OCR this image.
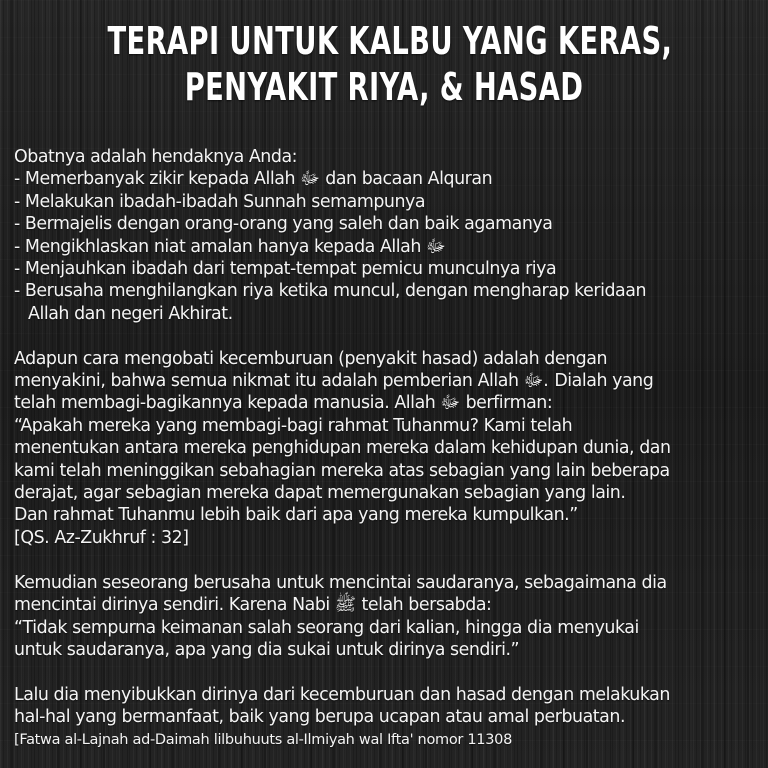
TERAPI UNTUK KALBU YANG KERAS,
PENYAKIT RIYA, & HASAD
Obatnya adalah hendaknya Anda:
- Memerbanyak zikir kepada Allah ﷻ dan bacaan Alquran
- Melakukan ibadah-ibadah Sunnah semampunya
- Bermajelis dengan orang-orang yang saleh dan baik agamanya
- Mengikhlaskan niat amalan hanya kepada Allah ﷻ
- Menjauhkan ibadah dari tempat-tempat pemicu munculnya riya
- Berusaha menghilangkan riya ketika muncul, dengan mengharap keridaan
Allah dan negeri Akhirat.
Adapun cara mengobati kecemburuan (penyakit hasad) adalah dengan
menyakini, bahwa semua nikmat itu adalah pemberian Allah ﷻ. Dialah yang
telah membagi-bagikannya kepada manusia. Allah ﷻ berfirman:
“Apakah mereka yang membagi-bagi rahmat Tuhanmu? Kami telah
menentukan antara mereka penghidupan mereka dalam kehidupan dunia, dan
kami telah meninggikan sebahagian mereka atas sebagian yang lain beberapa
derajat, agar sebagian mereka dapat memergunakan sebagian yang lain.
Dan rahmat Tuhanmu lebih baik dari apa yang mereka kumpulkan.”
[QS. Az-Zukhruf : 32]
Kemudian seseorang berusaha untuk mencintai saudaranya, sebagaimana dia
mencintai dirinya sendiri. Karena Nabi ﷺ telah bersabda:
“Tidak sempurna keimanan salah seorang dari kalian, hingga dia menyukai
untuk saudaranya, apa yang dia sukai untuk dirinya sendiri.”
Lalu dia menyibukkan dirinya dari kecemburuan dan hasad dengan melakukan
hal-hal yang bermanfaat, baik yang berupa ucapan atau amal perbuatan.
[Fatwa al-Lajnah ad-Daimah lilbuhuuts al-Ilmiyah wal Ifta' nomor 11308
